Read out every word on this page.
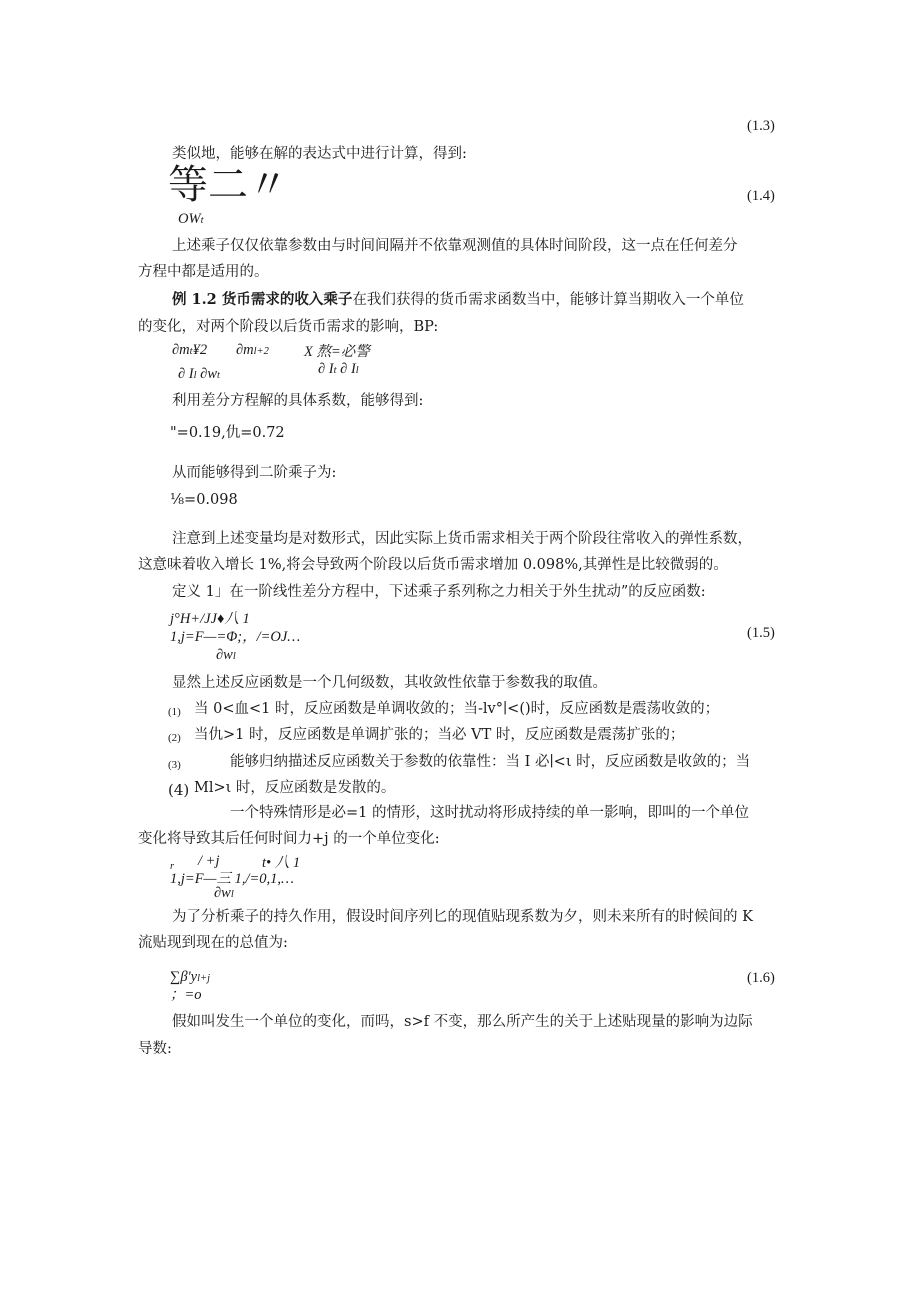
(1.3)
类似地，能够在解的表达式中进行计算，得到:
等二〃	(1.4)
OWt
上述乘子仅仅依靠参数由与时间间隔并不依靠观测值的具体时间阶段，这一点在任何差分
方程中都是适用的。
例 1.2 货币需求的收入乘子在我们获得的货币需求函数当中，能够计算当期收入一个单位
的变化，对两个阶段以后货币需求的影响，BP:
∂mt¥2 ∂ml+2 X 熬=必警
∂ Il ∂wt	∂ It ∂ Il
利用差分方程解的具体系数，能够得到:
"=0.19,仇=0.72
从而能够得到二阶乘子为:
⅛=0.098
注意到上述变量均是对数形式，因此实际上货币需求相关于两个阶段往常收入的弹性系数，
这意味着收入增长 1%,将会导致两个阶段以后货币需求增加 0.098%,其弹性是比较微弱的。
定义 1」在一阶线性差分方程中，下述乘子系列称之力相关于外生扰动”的反应函数:
j°H+/JJ♦八 1
1,j=F—=Φ;，/=OJ…
∂wl
(1.5)
显然上述反应函数是一个几何级数，其收敛性依靠于参数我的取值。
(1) 当 0<血<1 时，反应函数是单调收敛的；当-lv°∣<()时，反应函数是震荡收敛的；
(2) 当仇>1 时，反应函数是单调扩张的；当必 VT 时，反应函数是震荡扩张的；
(3)	能够归纳描述反应函数关于参数的依靠性：当 I 必∣<ι 时，反应函数是收敛的；当
(4) Ml>ι 时，反应函数是发散的。
一个特殊情形是必=1 的情形，这时扰动将形成持续的单一影响，即叫的一个单位
变化将导致其后任何时间力+j 的一个单位变化:
r / +j	t• 八 1
1,j=F—三 1,/=0,1,…
∂wl
为了分析乘子的持久作用，假设时间序列匕的现值贴现系数为夕，则未来所有的时候间的 K
流贴现到现在的总值为:
∑β'yl+j
；=o
(1.6)
假如叫发生一个单位的变化，而吗，s>f 不变，那么所产生的关于上述贴现量的影响为边际
导数:
